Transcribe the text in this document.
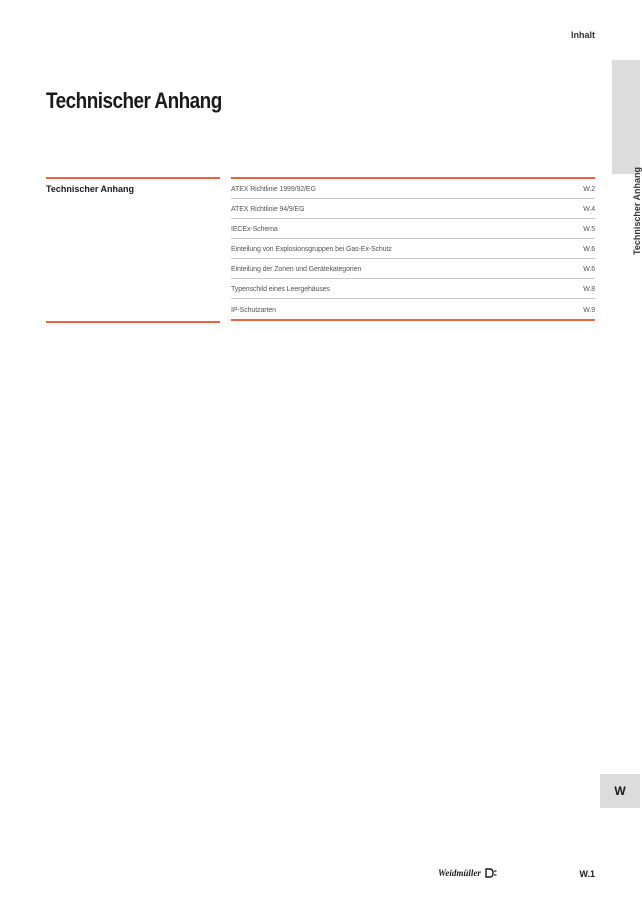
Inhalt
Technischer Anhang
Technischer Anhang
Technischer Anhang	ATEX Richtlinie 1999/92/EG	W.2
ATEX Richtlinie 94/9/EG	W.4
IECEx-Schema	W.5
Einteilung von Explosionsgruppen bei Gas-Ex-Schutz	W.6
Einteilung der Zonen und Gerätekategorien	W.6
Typenschild eines Leergehäuses	W.8
IP-Schutzarten	W.9
W
Weidmüller	W.1
